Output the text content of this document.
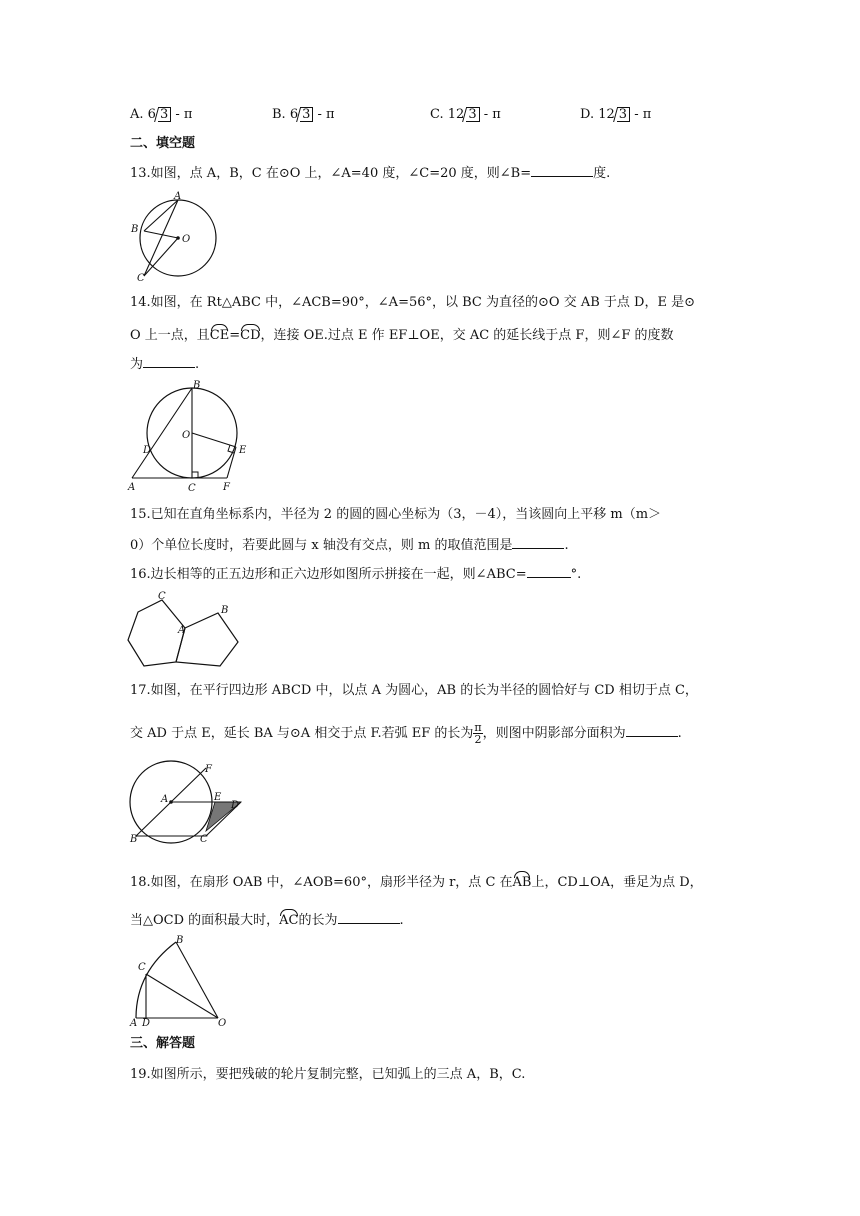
A. 6 3 - π	B. 6 3 - π	C. 12 3 - π	D. 12 3 - π
二、填空题
13.如图，点 A，B，C 在⊙O 上，∠A=40 度，∠C=20 度，则∠B=	度.
A
B
O
C
14.如图，在 Rt△ABC 中，∠ACB=90°，∠A=56°，以 BC 为直径的⊙O 交 AB 于点 D，E 是⊙
O 上一点，且CE=CD，连接 OE.过点 E 作 EF⊥OE，交 AC 的延长线于点 F，则∠F 的度数
为	.
B
O
D	E
A	C	F
15.已知在直角坐标系内，半径为 2 的圆的圆心坐标为（3，－4），当该圆向上平移 m（m＞
0）个单位长度时，若要此圆与 x 轴没有交点，则 m 的取值范围是	.
16.边长相等的正五边形和正六边形如图所示拼接在一起，则∠ABC=	°.
C
B
A
17.如图，在平行四边形 ABCD 中，以点 A 为圆心，AB 的长为半径的圆恰好与 CD 相切于点 C，
交 AD 于点 E，延长 BA 与⊙A 相交于点 F.若弧 EF 的长为 $\frac{\pi}{2}$ ，则图中阴影部分面积为	.
F
A	E
D
B	C
18.如图，在扇形 OAB 中，∠AOB=60°，扇形半径为 r，点 C 在AB上，CD⊥OA，垂足为点 D，
当△OCD 的面积最大时，AC的长为	.
B
C
A D	O
三、解答题
19.如图所示，要把残破的轮片复制完整，已知弧上的三点 A，B，C.
